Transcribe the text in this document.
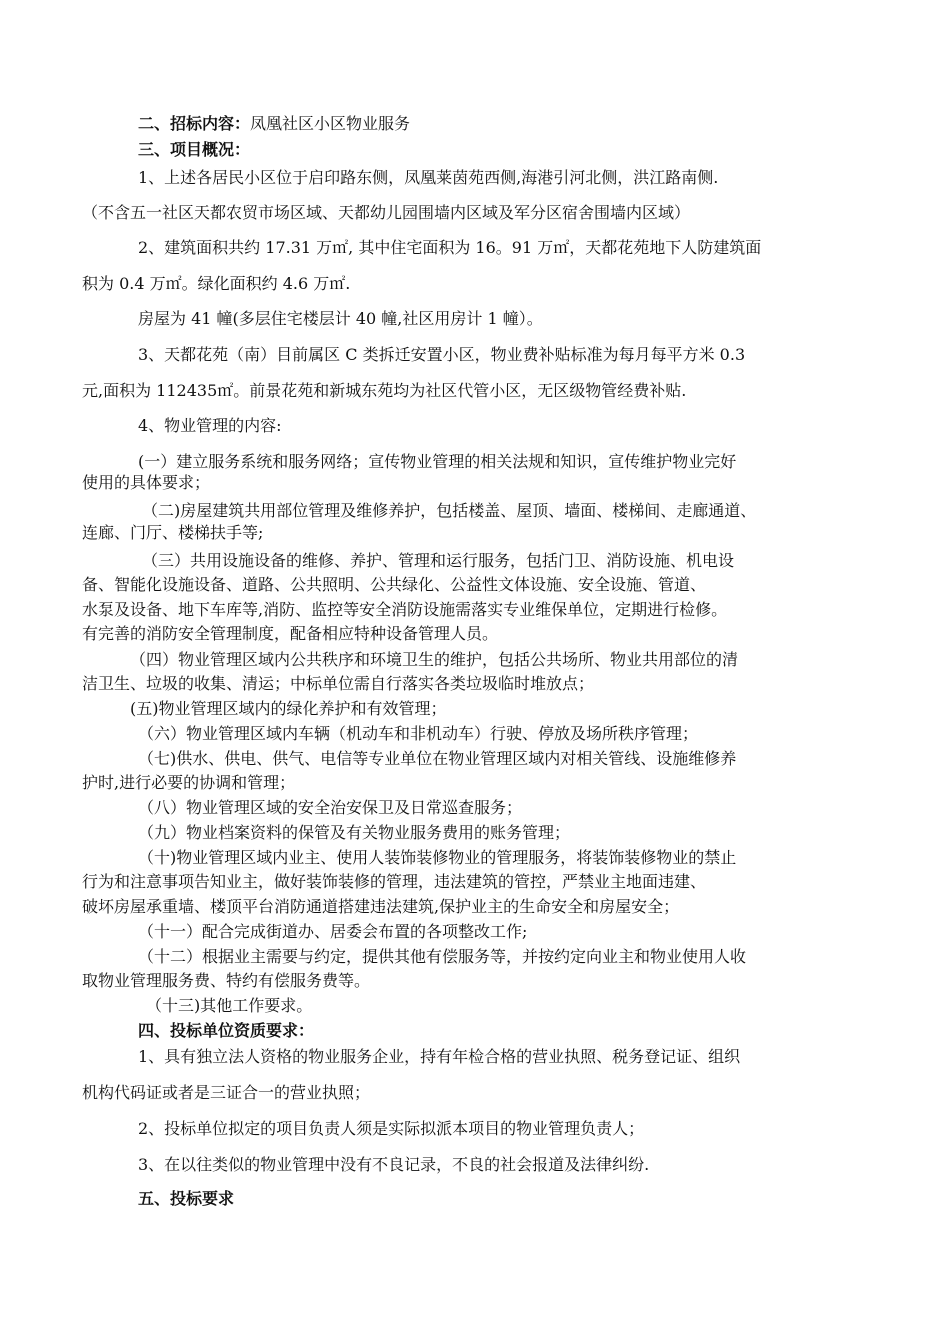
二、招标内容：凤凰社区小区物业服务
三、项目概况：
1、上述各居民小区位于启印路东侧，凤凰莱茵苑西侧,海港引河北侧，洪江路南侧.
（不含五一社区天都农贸市场区域、天都幼儿园围墙内区域及军分区宿舍围墙内区域）
2、建筑面积共约 17.31 万㎡, 其中住宅面积为 16。91 万㎡，天都花苑地下人防建筑面
积为 0.4 万㎡。绿化面积约 4.6 万㎡.
房屋为 41 幢(多层住宅楼层计 40 幢,社区用房计 1 幢）。
3、天都花苑（南）目前属区 C 类拆迁安置小区，物业费补贴标准为每月每平方米 0.3
元,面积为 112435㎡。前景花苑和新城东苑均为社区代管小区，无区级物管经费补贴.
4、物业管理的内容:
(一）建立服务系统和服务网络；宣传物业管理的相关法规和知识，宣传维护物业完好
使用的具体要求；
（二)房屋建筑共用部位管理及维修养护，包括楼盖、屋顶、墙面、楼梯间、走廊通道、
连廊、门厅、楼梯扶手等;
（三）共用设施设备的维修、养护、管理和运行服务，包括门卫、消防设施、机电设
备、智能化设施设备、道路、公共照明、公共绿化、公益性文体设施、安全设施、管道、
水泵及设备、地下车库等,消防、监控等安全消防设施需落实专业维保单位，定期进行检修。
有完善的消防安全管理制度，配备相应特种设备管理人员。
（四）物业管理区域内公共秩序和环境卫生的维护，包括公共场所、物业共用部位的清
洁卫生、垃圾的收集、清运；中标单位需自行落实各类垃圾临时堆放点；
(五)物业管理区域内的绿化养护和有效管理；
（六）物业管理区域内车辆（机动车和非机动车）行驶、停放及场所秩序管理；
（七)供水、供电、供气、电信等专业单位在物业管理区域内对相关管线、设施维修养
护时,进行必要的协调和管理；
（八）物业管理区域的安全治安保卫及日常巡查服务；
（九）物业档案资料的保管及有关物业服务费用的账务管理；
（十)物业管理区域内业主、使用人装饰装修物业的管理服务，将装饰装修物业的禁止
行为和注意事项告知业主，做好装饰装修的管理，违法建筑的管控，严禁业主地面违建、
破坏房屋承重墙、楼顶平台消防通道搭建违法建筑,保护业主的生命安全和房屋安全；
（十一）配合完成街道办、居委会布置的各项整改工作;
（十二）根据业主需要与约定，提供其他有偿服务等，并按约定向业主和物业使用人收
取物业管理服务费、特约有偿服务费等。
（十三)其他工作要求。
四、投标单位资质要求：
1、具有独立法人资格的物业服务企业，持有年检合格的营业执照、税务登记证、组织
机构代码证或者是三证合一的营业执照；
2、投标单位拟定的项目负责人须是实际拟派本项目的物业管理负责人；
3、在以往类似的物业管理中没有不良记录，不良的社会报道及法律纠纷.
五、投标要求
